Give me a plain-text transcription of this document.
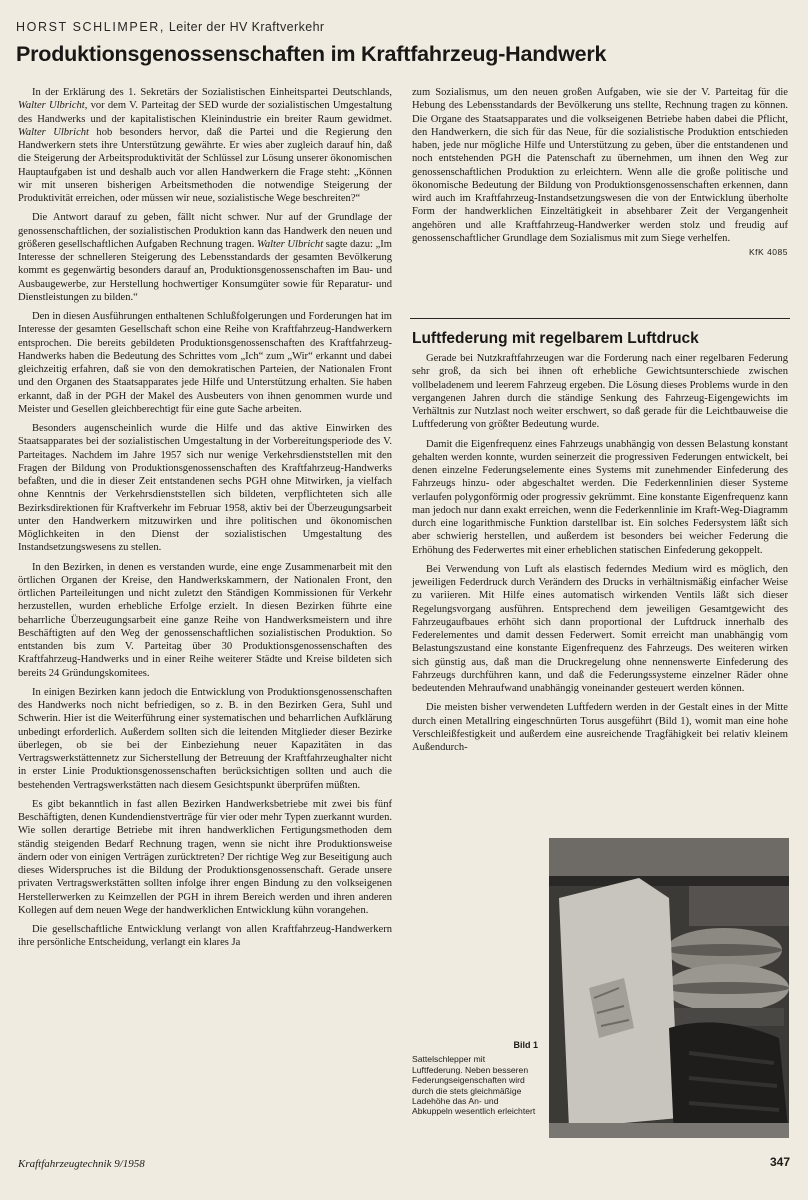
HORST SCHLIMPER, Leiter der HV Kraftverkehr
Produktionsgenossenschaften im Kraftfahrzeug-Handwerk

In der Erklärung des 1. Sekretärs der Sozialistischen Einheitspartei Deutschlands, Walter Ulbricht, vor dem V. Parteitag der SED wurde der sozialistischen Umgestaltung des Handwerks und der kapitalistischen Kleinindustrie ein breiter Raum gewidmet. Walter Ulbricht hob besonders hervor, daß die Partei und die Regierung den Handwerkern stets ihre Unterstützung gewährte. Er wies aber zugleich darauf hin, daß die Steigerung der Arbeitsproduktivität der Schlüssel zur Lösung unserer ökonomischen Hauptaufgaben ist und deshalb auch vor allen Handwerkern die Frage steht: „Können wir mit unseren bisherigen Arbeitsmethoden die notwendige Steigerung der Produktivität erreichen, oder müssen wir neue, sozialistische Wege beschreiten?“

Die Antwort darauf zu geben, fällt nicht schwer. Nur auf der Grundlage der genossenschaftlichen, der sozialistischen Produktion kann das Handwerk den neuen und größeren gesellschaftlichen Aufgaben Rechnung tragen. Walter Ulbricht sagte dazu: „Im Interesse der schnelleren Steigerung des Lebensstandards der gesamten Bevölkerung kommt es gegenwärtig besonders darauf an, Produktionsgenossenschaften im Bau- und Ausbaugewerbe, zur Herstellung hochwertiger Konsumgüter sowie für Reparatur- und Dienstleistungen zu bilden.“

Den in diesen Ausführungen enthaltenen Schlußfolgerungen und Forderungen hat im Interesse der gesamten Gesellschaft schon eine Reihe von Kraftfahrzeug-Handwerkern entsprochen. Die bereits gebildeten Produktionsgenossenschaften des Kraftfahrzeug-Handwerks haben die Bedeutung des Schrittes vom „Ich“ zum „Wir“ erkannt und dabei gleichzeitig erfahren, daß sie von den demokratischen Parteien, der Nationalen Front und den Organen des Staatsapparates jede Hilfe und Unterstützung erhalten. Sie haben erkannt, daß in der PGH der Makel des Ausbeuters von ihnen genommen wurde und Meister und Gesellen gleichberechtigt für eine gute Sache arbeiten.

Besonders augenscheinlich wurde die Hilfe und das aktive Einwirken des Staatsapparates bei der sozialistischen Umgestaltung in der Vorbereitungsperiode des V. Parteitages. Nachdem im Jahre 1957 sich nur wenige Verkehrsdienststellen mit den Fragen der Bildung von Produktionsgenossenschaften des Kraftfahrzeug-Handwerks befaßten, und die in dieser Zeit entstandenen sechs PGH ohne Mitwirken, ja vielfach ohne Kenntnis der Verkehrsdienststellen sich bildeten, verpflichteten sich alle Bezirksdirektionen für Kraftverkehr im Februar 1958, aktiv bei der Überzeugungsarbeit unter den Handwerkern mitzuwirken und ihre politischen und ökonomischen Möglichkeiten in den Dienst der sozialistischen Umgestaltung des Instandsetzungswesens zu stellen.

In den Bezirken, in denen es verstanden wurde, eine enge Zusammenarbeit mit den örtlichen Organen der Kreise, den Handwerkskammern, der Nationalen Front, den örtlichen Parteileitungen und nicht zuletzt den Ständigen Kommissionen für Verkehr herzustellen, wurden erhebliche Erfolge erzielt. In diesen Bezirken führte eine beharrliche Überzeugungsarbeit eine ganze Reihe von Handwerksmeistern und ihre Beschäftigten auf den Weg der genossenschaftlichen sozialistischen Produktion. So entstanden bis zum V. Parteitag über 30 Produktionsgenossenschaften des Kraftfahrzeug-Handwerks und in einer Reihe weiterer Städte und Kreise bildeten sich bereits 24 Gründungskomitees.

In einigen Bezirken kann jedoch die Entwicklung von Produktionsgenossenschaften des Handwerks noch nicht befriedigen, so z. B. in den Bezirken Gera, Suhl und Schwerin. Hier ist die Weiterführung einer systematischen und beharrlichen Aufklärung unbedingt erforderlich. Außerdem sollten sich die leitenden Mitglieder dieser Bezirke überlegen, ob sie bei der Einbeziehung neuer Kapazitäten in das Vertragswerkstättennetz zur Sicherstellung der Betreuung der Kraftfahrzeughalter nicht in erster Linie Produktionsgenossenschaften berücksichtigen sollten und auch die bestehenden Vertragswerkstätten nach diesem Gesichtspunkt überprüfen müßten.

Es gibt bekanntlich in fast allen Bezirken Handwerksbetriebe mit zwei bis fünf Beschäftigten, denen Kundendienstverträge für vier oder mehr Typen zuerkannt wurden. Wie sollen derartige Betriebe mit ihren handwerklichen Fertigungsmethoden dem ständig steigenden Bedarf Rechnung tragen, wenn sie nicht ihre Produktionsweise ändern oder von einigen Verträgen zurücktreten? Der richtige Weg zur Beseitigung auch dieses Widerspruches ist die Bildung der Produktionsgenossenschaft. Gerade unsere privaten Vertragswerkstätten sollten infolge ihrer engen Bindung zu den volkseigenen Herstellerwerken zu Keimzellen der PGH in ihrem Bereich werden und ihren anderen Kollegen auf dem neuen Wege der handwerklichen Entwicklung kühn vorangehen.

Die gesellschaftliche Entwicklung verlangt von allen Kraftfahrzeug-Handwerkern ihre persönliche Entscheidung, verlangt ein klares Ja

zum Sozialismus, um den neuen großen Aufgaben, wie sie der V. Parteitag für die Hebung des Lebensstandards der Bevölkerung uns stellte, Rechnung tragen zu können. Die Organe des Staatsapparates und die volkseigenen Betriebe haben dabei die Pflicht, den Handwerkern, die sich für das Neue, für die sozialistische Produktion entschieden haben, jede nur mögliche Hilfe und Unterstützung zu geben, über die entstandenen und noch entstehenden PGH die Patenschaft zu übernehmen, um ihnen den Weg zur genossenschaftlichen Produktion zu erleichtern. Wenn alle die große politische und ökonomische Bedeutung der Bildung von Produktionsgenossenschaften erkennen, dann wird auch im Kraftfahrzeug-Instandsetzungswesen die von der Entwicklung überholte Form der handwerklichen Einzeltätigkeit in absehbarer Zeit der Vergangenheit angehören und alle Kraftfahrzeug-Handwerker werden stolz und freudig auf genossenschaftlicher Grundlage dem Sozialismus mit zum Siege verhelfen.

KfK 4085
Luftfederung mit regelbarem Luftdruck

Gerade bei Nutzkraftfahrzeugen war die Forderung nach einer regelbaren Federung sehr groß, da sich bei ihnen oft erhebliche Gewichtsunterschiede zwischen vollbeladenem und leerem Fahrzeug ergeben. Die Lösung dieses Problems wurde in den vergangenen Jahren durch die ständige Senkung des Fahrzeug-Eigengewichts im Verhältnis zur Nutzlast noch weiter erschwert, so daß gerade für die Leichtbauweise die Luftfederung von größter Bedeutung wurde.

Damit die Eigenfrequenz eines Fahrzeugs unabhängig von dessen Belastung konstant gehalten werden konnte, wurden seinerzeit die progressiven Federungen entwickelt, bei denen einzelne Federungselemente eines Systems mit zunehmender Einfederung des Fahrzeugs hinzu- oder abgeschaltet werden. Die Federkennlinien dieser Systeme verlaufen polygonförmig oder progressiv gekrümmt. Eine konstante Eigenfrequenz kann man jedoch nur dann exakt erreichen, wenn die Federkennlinie im Kraft-Weg-Diagramm durch eine logarithmische Funktion darstellbar ist. Ein solches Federsystem läßt sich aber schwierig herstellen, und außerdem ist besonders bei weicher Federung die Erhöhung des Federwertes mit einer erheblichen statischen Einfederung gekoppelt.

Bei Verwendung von Luft als elastisch federndes Medium wird es möglich, den jeweiligen Federdruck durch Verändern des Drucks in verhältnismäßig einfacher Weise zu variieren. Mit Hilfe eines automatisch wirkenden Ventils läßt sich dieser Regelungsvorgang ausführen. Entsprechend dem jeweiligen Gesamtgewicht des Fahrzeugaufbaues erhöht sich dann proportional der Luftdruck innerhalb des Federelementes und damit dessen Federwert. Somit erreicht man unabhängig vom Belastungszustand eine konstante Eigenfrequenz des Fahrzeugs. Des weiteren wirken sich günstig aus, daß man die Druckregelung ohne nennenswerte Einfederung des Fahrzeugs durchführen kann, und daß die Federungssysteme einzelner Räder ohne bedeutenden Mehraufwand unabhängig voneinander gesteuert werden können.

Die meisten bisher verwendeten Luftfedern werden in der Gestalt eines in der Mitte durch einen Metallring eingeschnürten Torus ausgeführt (Bild 1), womit man eine hohe Verschleißfestigkeit und außerdem eine ausreichende Tragfähigkeit bei relativ kleinem Außendurch-

Bild 1
Sattelschlepper mit Luftfederung. Neben besseren Federungseigenschaften wird durch die stets gleichmäßige Ladehöhe das An- und Abkuppeln wesentlich erleichtert
Kraftfahrzeugtechnik 9/1958	347
